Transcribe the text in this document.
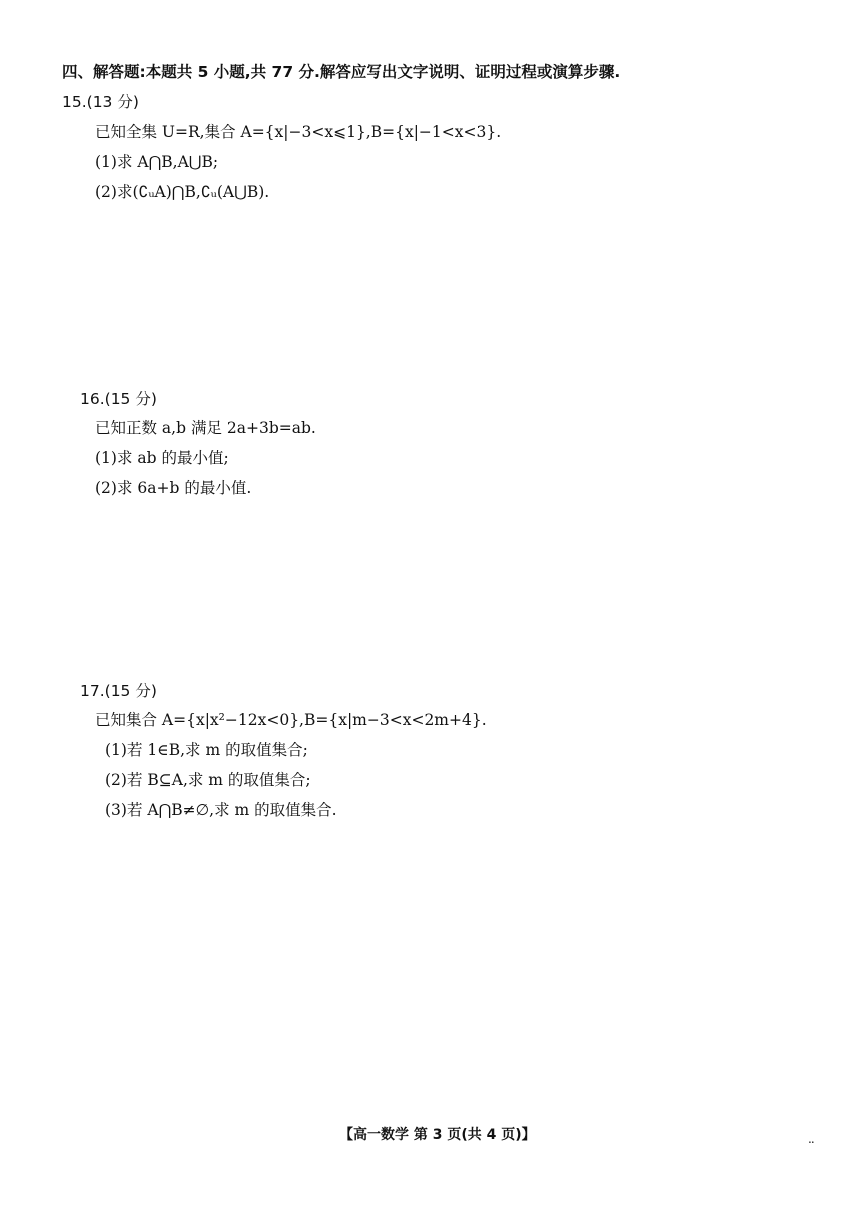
四、解答题:本题共 5 小题,共 77 分.解答应写出文字说明、证明过程或演算步骤.
15.(13 分)
已知全集 U=R,集合 A={x|−3<x⩽1},B={x|−1<x<3}.
(1)求 A⋂B,A⋃B;
(2)求(∁ᵤA)⋂B,∁ᵤ(A⋃B).
16.(15 分)
已知正数 a,b 满足 2a+3b=ab.
(1)求 ab 的最小值;
(2)求 6a+b 的最小值.
17.(15 分)
已知集合 A={x|x²−12x<0},B={x|m−3<x<2m+4}.
(1)若 1∈B,求 m 的取值集合;
(2)若 B⊆A,求 m 的取值集合;
(3)若 A⋂B≠∅,求 m 的取值集合.
【高一数学 第 3 页(共 4 页)】	..
